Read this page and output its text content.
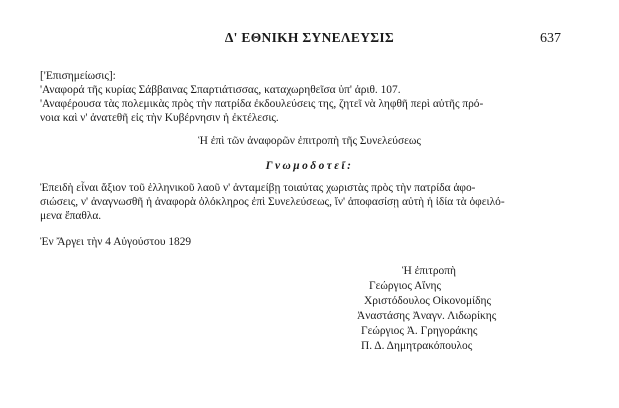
Δ' ΕΘΝΙΚΗ ΣΥΝΕΛΕΥΣΙΣ	637
['Επισημείωσις]:
'Αναφορά τῆς κυρίας Σάββαινας Σπαρτιάτισσας, καταχωρηθεῖσα ὑπ' ἀριθ. 107.
'Αναφέρουσα τὰς πολεμικὰς πρὸς τὴν πατρίδα ἐκδουλεύσεις της, ζητεῖ νὰ ληφθῆ περὶ αὐτῆς πρό-
νοια καὶ ν' ἀνατεθῆ εἰς τὴν Κυβέρνησιν ἡ ἐκτέλεσις.
Ἡ ἐπὶ τῶν ἀναφορῶν ἐπιτροπὴ τῆς Συνελεύσεως
Γνωμοδοτεῖ:
Ἐπειδὴ εἶναι ἄξιον τοῦ ἑλληνικοῦ λαοῦ ν' ἀνταμείβῃ τοιαύτας χωριστὰς πρὸς τὴν πατρίδα ἀφο-
σιώσεις, ν' ἀναγνωσθῆ ἡ ἀναφορὰ ὁλόκληρος ἐπὶ Συνελεύσεως, ἵν' ἀποφασίσῃ αὐτὴ ἡ ἰδία τὰ ὀφειλό-
μενα ἔπαθλα.
Ἐν Ἄργει τὴν 4 Αὐγούστου 1829
Ἡ ἐπιτροπὴ
Γεώργιος Αἴνης
Χριστόδουλος Οἰκονομίδης
Ἀναστάσης Ἀναγν. Λιδωρίκης
Γεώργιος Ἀ. Γρηγοράκης
Π. Δ. Δημητρακόπουλος
